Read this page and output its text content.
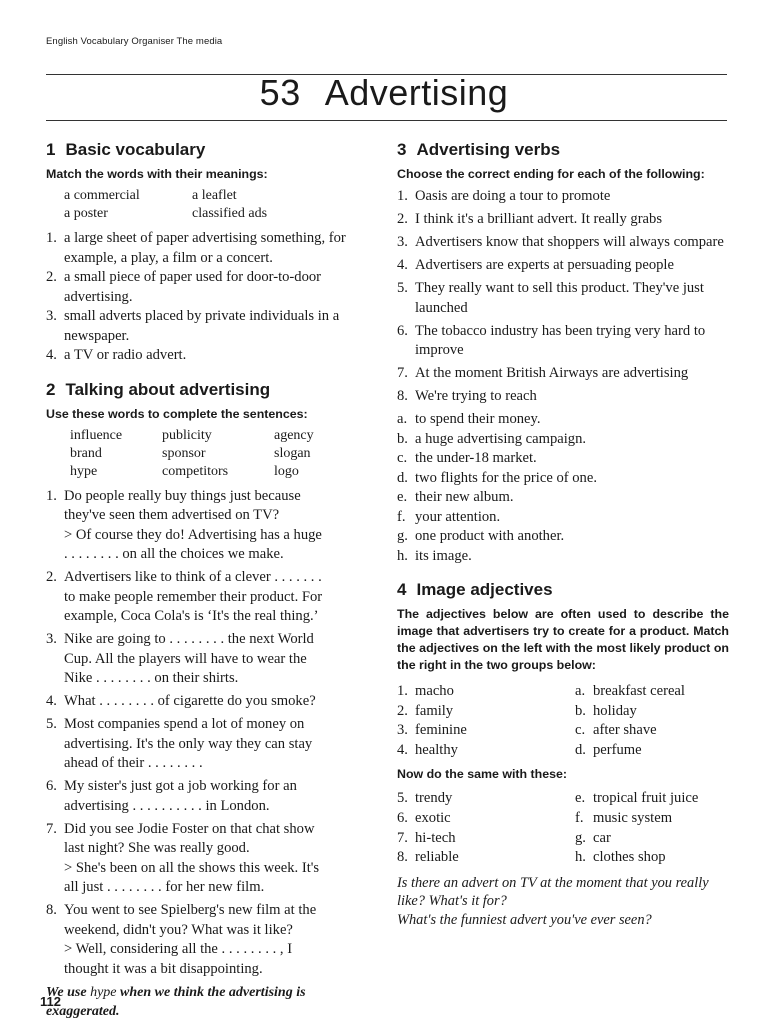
English Vocabulary Organiser The media
53 Advertising
1 Basic vocabulary

Match the words with their meanings:

a commercial	a leaflet
a poster	classified ads
1. a large sheet of paper advertising something, for example, a play, a film or a concert.
2. a small piece of paper used for door-to-door advertising.
3. small adverts placed by private individuals in a newspaper.
4. a TV or radio advert.
2 Talking about advertising

Use these words to complete the sentences:

influence	publicity	agency
brand	sponsor	slogan
hype	competitors	logo
1. Do people really buy things just because
they've seen them advertised on TV?
> Of course they do! Advertising has a huge
. . . . . . . . on all the choices we make.
2. Advertisers like to think of a clever . . . . . . .
to make people remember their product. For
example, Coca Cola's is ‘It's the real thing.’
3. Nike are going to . . . . . . . . the next World
Cup. All the players will have to wear the
Nike . . . . . . . . on their shirts.
4. What . . . . . . . . of cigarette do you smoke?
5. Most companies spend a lot of money on
advertising. It's the only way they can stay
ahead of their . . . . . . . .
6. My sister's just got a job working for an
advertising . . . . . . . . . . in London.
7. Did you see Jodie Foster on that chat show
last night? She was really good.
> She's been on all the shows this week. It's
all just . . . . . . . . for her new film.
8. You went to see Spielberg's new film at the
weekend, didn't you? What was it like?
> Well, considering all the . . . . . . . . , I
thought it was a bit disappointing.
We use hype when we think the advertising is exaggerated.
3 Advertising verbs

Choose the correct ending for each of the following:

1. Oasis are doing a tour to promote
2. I think it's a brilliant advert. It really grabs
3. Advertisers know that shoppers will always compare
4. Advertisers are experts at persuading people
5. They really want to sell this product. They've just launched
6. The tobacco industry has been trying very hard to improve
7. At the moment British Airways are advertising
8. We're trying to reach
a. to spend their money.
b. a huge advertising campaign.
c. the under-18 market.
d. two flights for the price of one.
e. their new album.
f. your attention.
g. one product with another.
h. its image.
4 Image adjectives

The adjectives below are often used to describe the image that advertisers try to create for a product. Match the adjectives on the left with the most likely product on the right in the two groups below:

1. macho	a. breakfast cereal
2. family	b. holiday
3. feminine	c. after shave
4. healthy	d. perfume

Now do the same with these:

5. trendy	e. tropical fruit juice
6. exotic	f. music system
7. hi-tech	g. car
8. reliable	h. clothes shop
Is there an advert on TV at the moment that you really like? What's it for?
What's the funniest advert you've ever seen?
112
